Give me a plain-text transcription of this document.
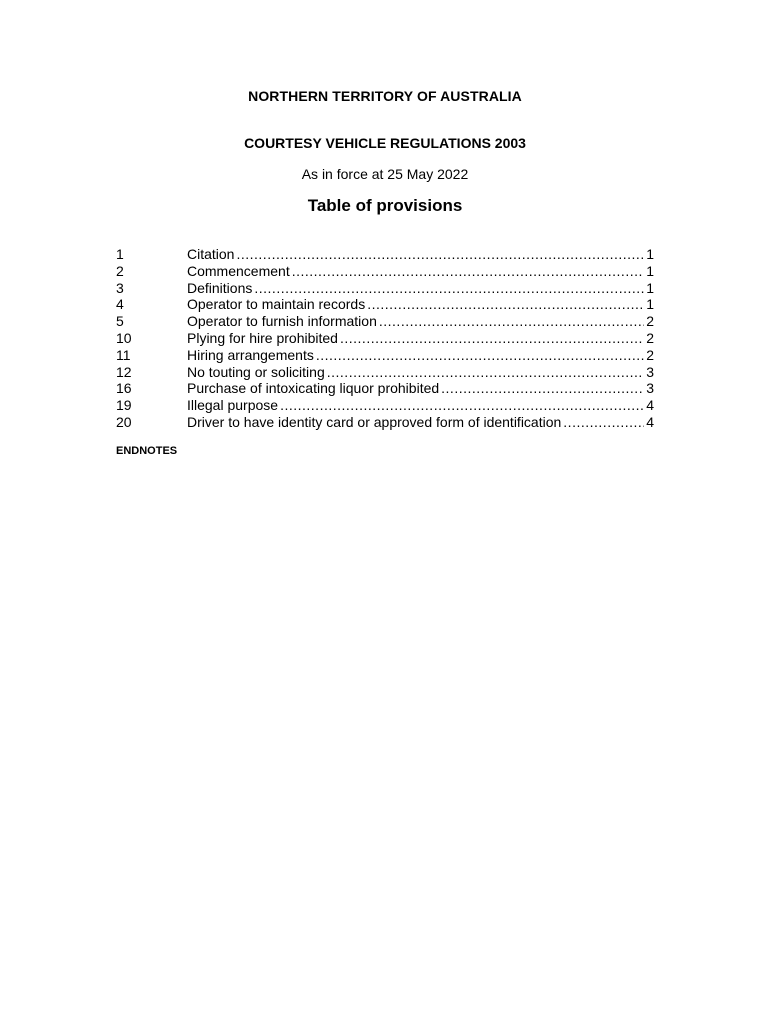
NORTHERN TERRITORY OF AUSTRALIA
COURTESY VEHICLE REGULATIONS 2003
As in force at 25 May 2022
Table of provisions
1	Citation .....	1
2	Commencement .....	1
3	Definitions .....	1
4	Operator to maintain records .....	1
5	Operator to furnish information .....	2
10	Plying for hire prohibited .....	2
11	Hiring arrangements .....	2
12	No touting or soliciting .....	3
16	Purchase of intoxicating liquor prohibited .....	3
19	Illegal purpose .....	4
20	Driver to have identity card or approved form of identification .....	4
ENDNOTES
